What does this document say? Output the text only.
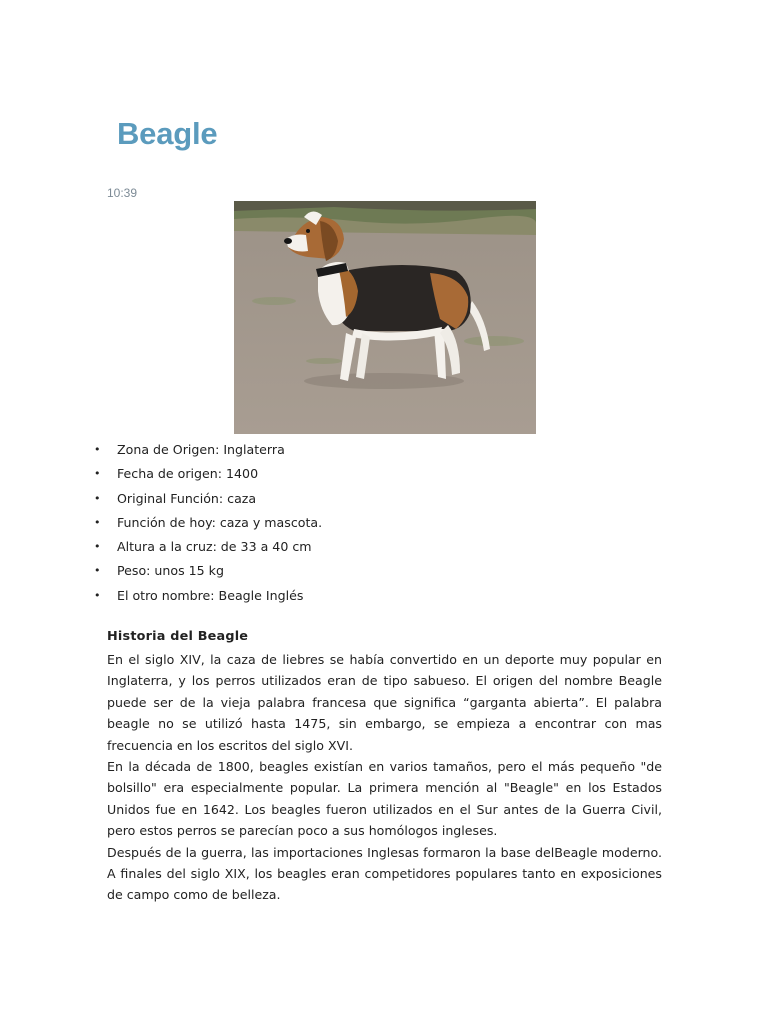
Beagle
10:39
• Zona de Origen: Inglaterra
• Fecha de origen: 1400
• Original Función: caza
• Función de hoy: caza y mascota.
• Altura a la cruz: de 33 a 40 cm
• Peso: unos 15 kg
• El otro nombre: Beagle Inglés
Historia del Beagle

En el siglo XIV, la caza de liebres se había convertido en un deporte muy popular en Inglaterra, y los perros utilizados eran de tipo sabueso. El origen del nombre Beagle puede ser de la vieja palabra francesa que significa “garganta abierta”. El palabra beagle no se utilizó hasta 1475, sin embargo, se empieza a encontrar con mas frecuencia en los escritos del siglo XVI.

En la década de 1800, beagles existían en varios tamaños, pero el más pequeño "de bolsillo" era especialmente popular. La primera mención al "Beagle" en los Estados Unidos fue en 1642. Los beagles fueron utilizados en el Sur antes de la Guerra Civil, pero estos perros se parecían poco a sus homólogos ingleses.

Después de la guerra, las importaciones Inglesas formaron la base delBeagle moderno. A finales del siglo XIX, los beagles eran competidores populares tanto en exposiciones de campo como de belleza.
